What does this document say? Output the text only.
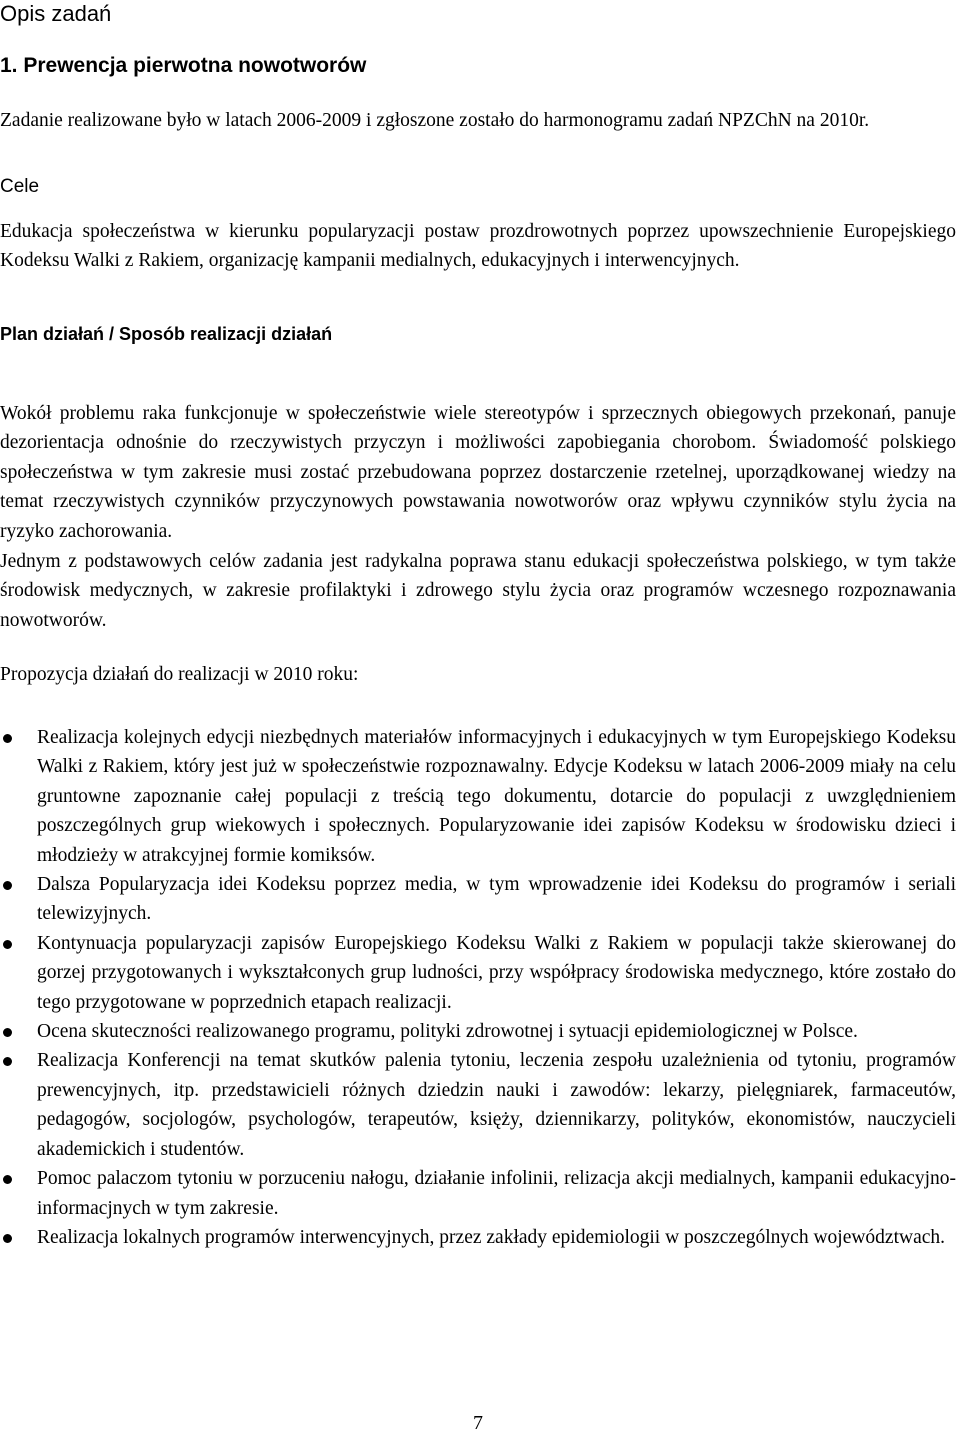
Opis zadań
1. Prewencja pierwotna nowotworów

Zadanie realizowane było w latach 2006-2009 i zgłoszone zostało do harmonogramu zadań NPZChN na 2010r.

Cele

Edukacja społeczeństwa w kierunku popularyzacji postaw prozdrowotnych poprzez upowszechnienie Europejskiego Kodeksu Walki z Rakiem, organizację kampanii medialnych, edukacyjnych i interwencyjnych.

Plan działań / Sposób realizacji działań

Wokół problemu raka funkcjonuje w społeczeństwie wiele stereotypów i sprzecznych obiegowych przekonań, panuje dezorientacja odnośnie do rzeczywistych przyczyn i możliwości zapobiegania chorobom. Świadomość polskiego społeczeństwa w tym zakresie musi zostać przebudowana poprzez dostarczenie rzetelnej, uporządkowanej wiedzy na temat rzeczywistych czynników przyczynowych powstawania nowotworów oraz wpływu czynników stylu życia na ryzyko zachorowania.

Jednym z podstawowych celów zadania jest radykalna poprawa stanu edukacji społeczeństwa polskiego, w tym także środowisk medycznych, w zakresie profilaktyki i zdrowego stylu życia oraz programów wczesnego rozpoznawania nowotworów.

Propozycja działań do realizacji w 2010 roku:

Realizacja kolejnych edycji niezbędnych materiałów informacyjnych i edukacyjnych w tym Europejskiego Kodeksu Walki z Rakiem, który jest już w społeczeństwie rozpoznawalny. Edycje Kodeksu w latach 2006-2009 miały na celu gruntowne zapoznanie całej populacji z treścią tego dokumentu, dotarcie do populacji z uwzględnieniem poszczególnych grup wiekowych i społecznych. Popularyzowanie idei zapisów Kodeksu w środowisku dzieci i młodzieży w atrakcyjnej formie komiksów.
Dalsza Popularyzacja idei Kodeksu poprzez media, w tym wprowadzenie idei Kodeksu do programów i seriali telewizyjnych.
Kontynuacja popularyzacji zapisów Europejskiego Kodeksu Walki z Rakiem w populacji także skierowanej do gorzej przygotowanych i wykształconych grup ludności, przy współpracy środowiska medycznego, które zostało do tego przygotowane w poprzednich etapach realizacji.
Ocena skuteczności realizowanego programu, polityki zdrowotnej i sytuacji epidemiologicznej w Polsce.
Realizacja Konferencji na temat skutków palenia tytoniu, leczenia zespołu uzależnienia od tytoniu, programów prewencyjnych, itp. przedstawicieli różnych dziedzin nauki i zawodów: lekarzy, pielęgniarek, farmaceutów, pedagogów, socjologów, psychologów, terapeutów, księży, dziennikarzy, polityków, ekonomistów, nauczycieli akademickich i studentów.
Pomoc palaczom tytoniu w porzuceniu nałogu, działanie infolinii, relizacja akcji medialnych, kampanii edukacyjno-informacjnych w tym zakresie.
Realizacja lokalnych programów interwencyjnych, przez zakłady epidemiologii w poszczególnych województwach.

7
